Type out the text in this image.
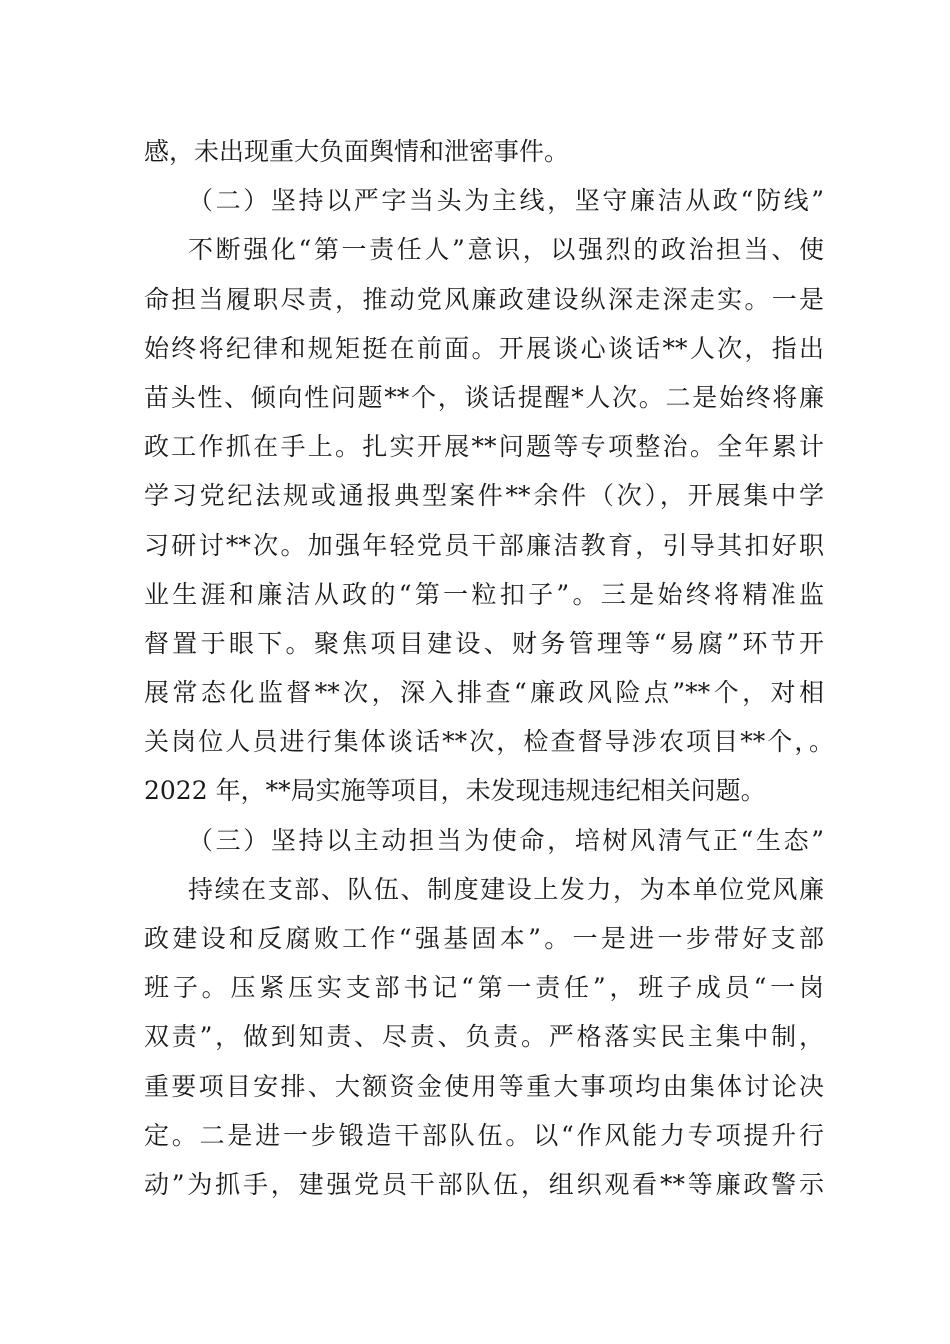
感，未出现重大负面舆情和泄密事件。
（二）坚持以严字当头为主线，坚守廉洁从政“防线”
不断强化“第一责任人”意识，以强烈的政治担当、使
命担当履职尽责，推动党风廉政建设纵深走深走实。一是
始终将纪律和规矩挺在前面。开展谈心谈话**人次，指出
苗头性、倾向性问题**个，谈话提醒*人次。二是始终将廉
政工作抓在手上。扎实开展**问题等专项整治。全年累计
学习党纪法规或通报典型案件**余件（次），开展集中学
习研讨**次。加强年轻党员干部廉洁教育，引导其扣好职
业生涯和廉洁从政的“第一粒扣子”。三是始终将精准监
督置于眼下。聚焦项目建设、财务管理等“易腐”环节开
展常态化监督**次，深入排查“廉政风险点”**个，对相
关岗位人员进行集体谈话**次，检查督导涉农项目**个，。
2022 年，**局实施等项目，未发现违规违纪相关问题。
（三）坚持以主动担当为使命，培树风清气正“生态”
持续在支部、队伍、制度建设上发力，为本单位党风廉
政建设和反腐败工作“强基固本”。一是进一步带好支部
班子。压紧压实支部书记“第一责任”，班子成员“一岗
双责”，做到知责、尽责、负责。严格落实民主集中制，
重要项目安排、大额资金使用等重大事项均由集体讨论决
定。二是进一步锻造干部队伍。以“作风能力专项提升行
动”为抓手，建强党员干部队伍，组织观看**等廉政警示
